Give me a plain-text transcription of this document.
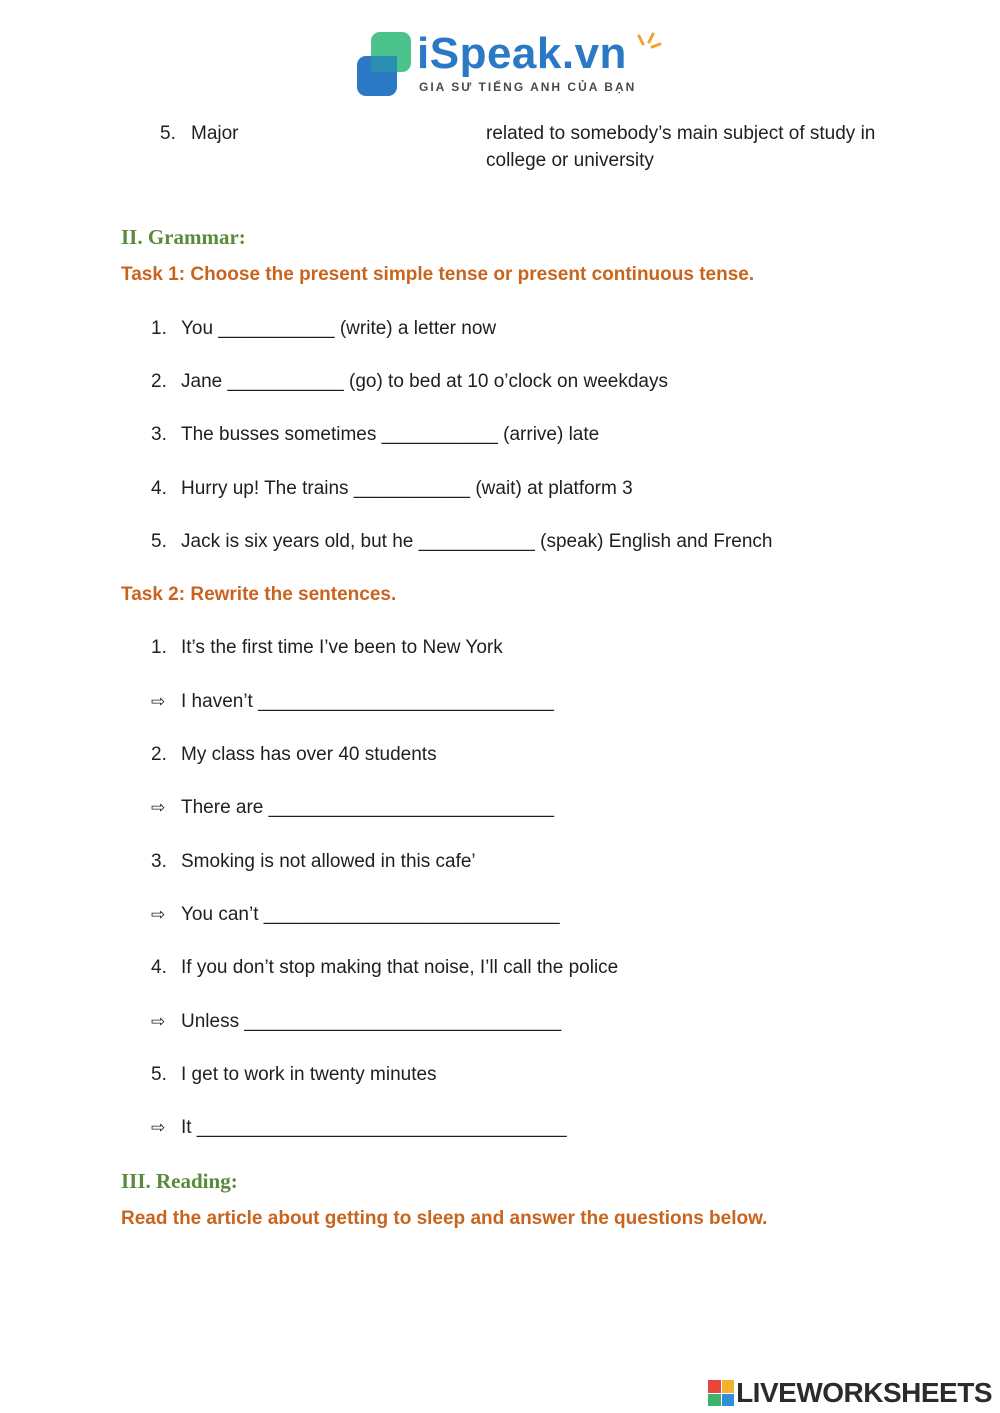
iSpeak.vn
GIA SƯ TIẾNG ANH CỦA BẠN
5. Major	related to somebody’s main subject of study in
college or university
II. Grammar:
Task 1: Choose the present simple tense or present continuous tense.
1. You ___________ (write) a letter now
2. Jane ___________ (go) to bed at 10 o’clock on weekdays
3. The busses sometimes ___________ (arrive) late
4. Hurry up! The trains ___________ (wait) at platform 3
5. Jack is six years old, but he ___________ (speak) English and French
Task 2: Rewrite the sentences.
1. It’s the first time I’ve been to New York
⇨ I haven’t ____________________________
2. My class has over 40 students
⇨ There are ___________________________
3. Smoking is not allowed in this cafe’
⇨ You can’t ____________________________
4. If you don’t stop making that noise, I’ll call the police
⇨ Unless ______________________________
5. I get to work in twenty minutes
⇨ It ___________________________________
III. Reading:
Read the article about getting to sleep and answer the questions below.
LIVEWORKSHEETS
